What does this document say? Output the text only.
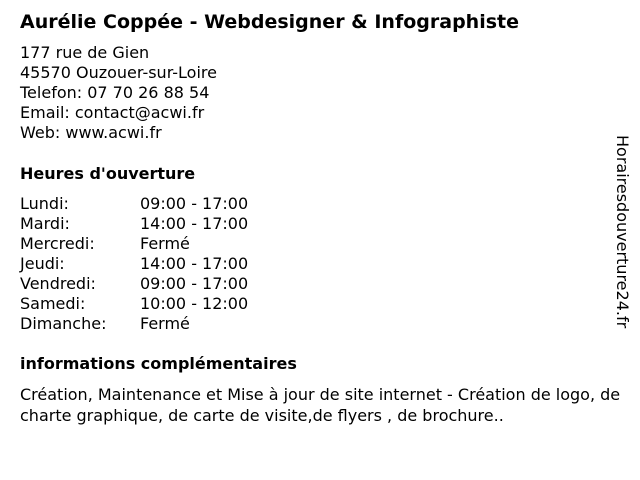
Aurélie Coppée - Webdesigner & Infographiste
177 rue de Gien
45570 Ouzouer-sur-Loire
Telefon: 07 70 26 88 54
Email: contact@acwi.fr
Web: www.acwi.fr
Heures d'ouverture
Lundi:	09:00 - 17:00
Mardi:	14:00 - 17:00
Mercredi:	Fermé
Jeudi:	14:00 - 17:00
Vendredi:	09:00 - 17:00
Samedi:	10:00 - 12:00
Dimanche: Fermé
informations complémentaires
Création, Maintenance et Mise à jour de site internet - Création de logo, de charte graphique, de carte de visite,de flyers , de brochure..
Horairesdouverture24.fr
